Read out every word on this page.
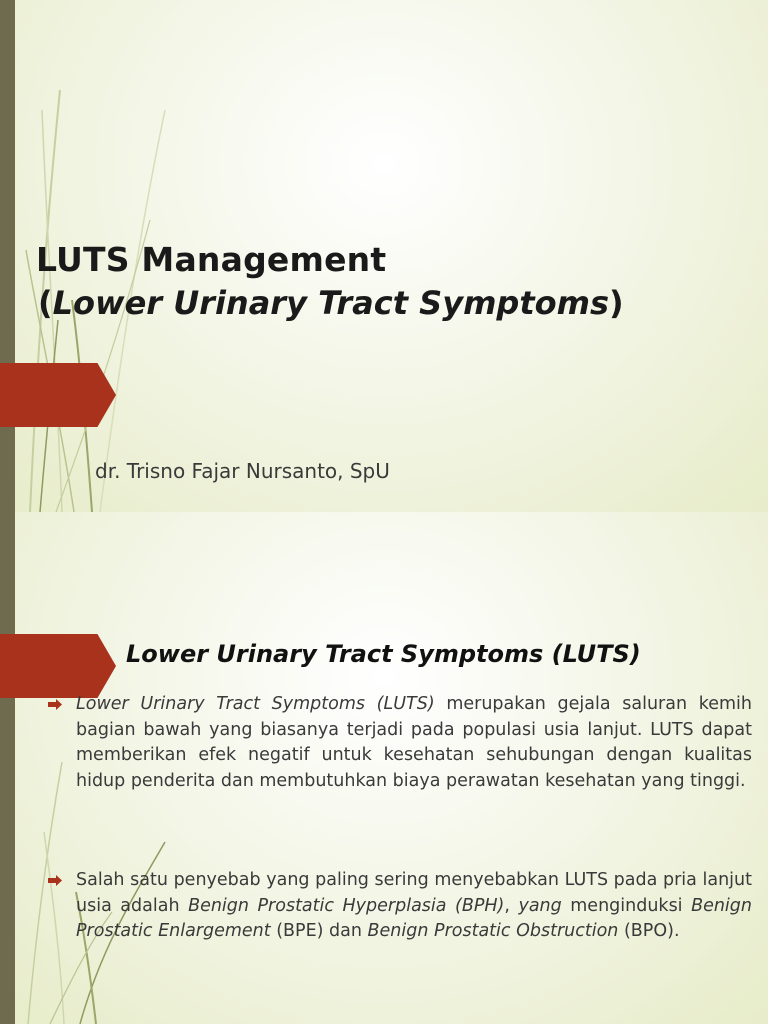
LUTS Management
(Lower Urinary Tract Symptoms)

dr. Trisno Fajar Nursanto, SpU

Lower Urinary Tract Symptoms (LUTS)

Lower Urinary Tract Symptoms (LUTS) merupakan gejala saluran kemih bagian bawah yang biasanya terjadi pada populasi usia lanjut. LUTS dapat memberikan efek negatif untuk kesehatan sehubungan dengan kualitas hidup penderita dan membutuhkan biaya perawatan kesehatan yang tinggi.

Salah satu penyebab yang paling sering menyebabkan LUTS pada pria lanjut usia adalah Benign Prostatic Hyperplasia (BPH), yang menginduksi Benign Prostatic Enlargement (BPE) dan Benign Prostatic Obstruction (BPO).
